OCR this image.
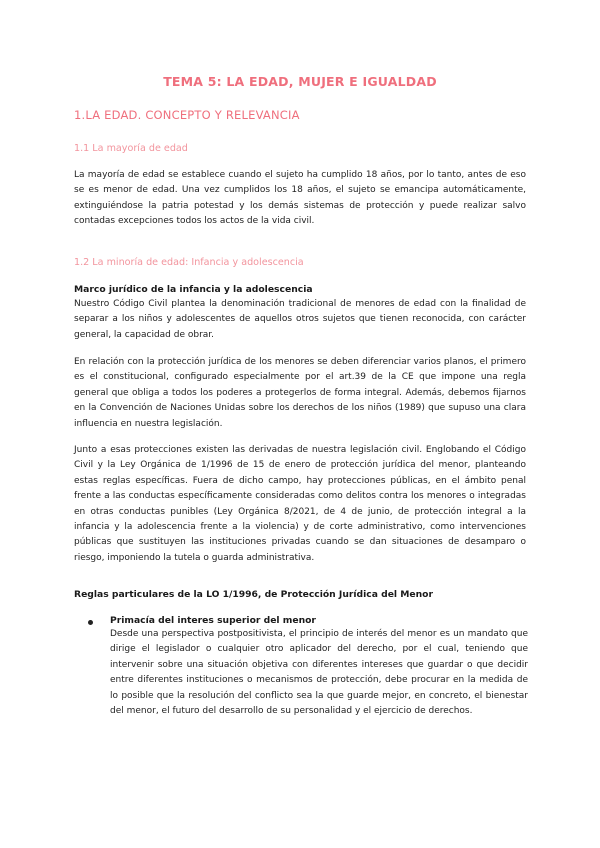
TEMA 5: LA EDAD, MUJER E IGUALDAD
1.LA EDAD. CONCEPTO Y RELEVANCIA
1.1 La mayoría de edad

La mayoría de edad se establece cuando el sujeto ha cumplido 18 años, por lo tanto, antes de eso se es menor de edad. Una vez cumplidos los 18 años, el sujeto se emancipa automáticamente, extinguiéndose la patria potestad y los demás sistemas de protección y puede realizar salvo contadas excepciones todos los actos de la vida civil.

1.2 La minoría de edad: Infancia y adolescencia
Marco jurídico de la infancia y la adolescencia

Nuestro Código Civil plantea la denominación tradicional de menores de edad con la finalidad de separar a los niños y adolescentes de aquellos otros sujetos que tienen reconocida, con carácter general, la capacidad de obrar.

En relación con la protección jurídica de los menores se deben diferenciar varios planos, el primero es el constitucional, configurado especialmente por el art.39 de la CE que impone una regla general que obliga a todos los poderes a protegerlos de forma integral. Además, debemos fijarnos en la Convención de Naciones Unidas sobre los derechos de los niños (1989) que supuso una clara influencia en nuestra legislación.

Junto a esas protecciones existen las derivadas de nuestra legislación civil. Englobando el Código Civil y la Ley Orgánica de 1/1996 de 15 de enero de protección jurídica del menor, planteando estas reglas específicas. Fuera de dicho campo, hay protecciones públicas, en el ámbito penal frente a las conductas específicamente consideradas como delitos contra los menores o integradas en otras conductas punibles (Ley Orgánica 8/2021, de 4 de junio, de protección integral a la infancia y la adolescencia frente a la violencia) y de corte administrativo, como intervenciones públicas que sustituyen las instituciones privadas cuando se dan situaciones de desamparo o riesgo, imponiendo la tutela o guarda administrativa.

Reglas particulares de la LO 1/1996, de Protección Jurídica del Menor
Primacía del interes superior del menor

Desde una perspectiva postpositivista, el principio de interés del menor es un mandato que dirige el legislador o cualquier otro aplicador del derecho, por el cual, teniendo que intervenir sobre una situación objetiva con diferentes intereses que guardar o que decidir entre diferentes instituciones o mecanismos de protección, debe procurar en la medida de lo posible que la resolución del conflicto sea la que guarde mejor, en concreto, el bienestar del menor, el futuro del desarrollo de su personalidad y el ejercicio de derechos.
